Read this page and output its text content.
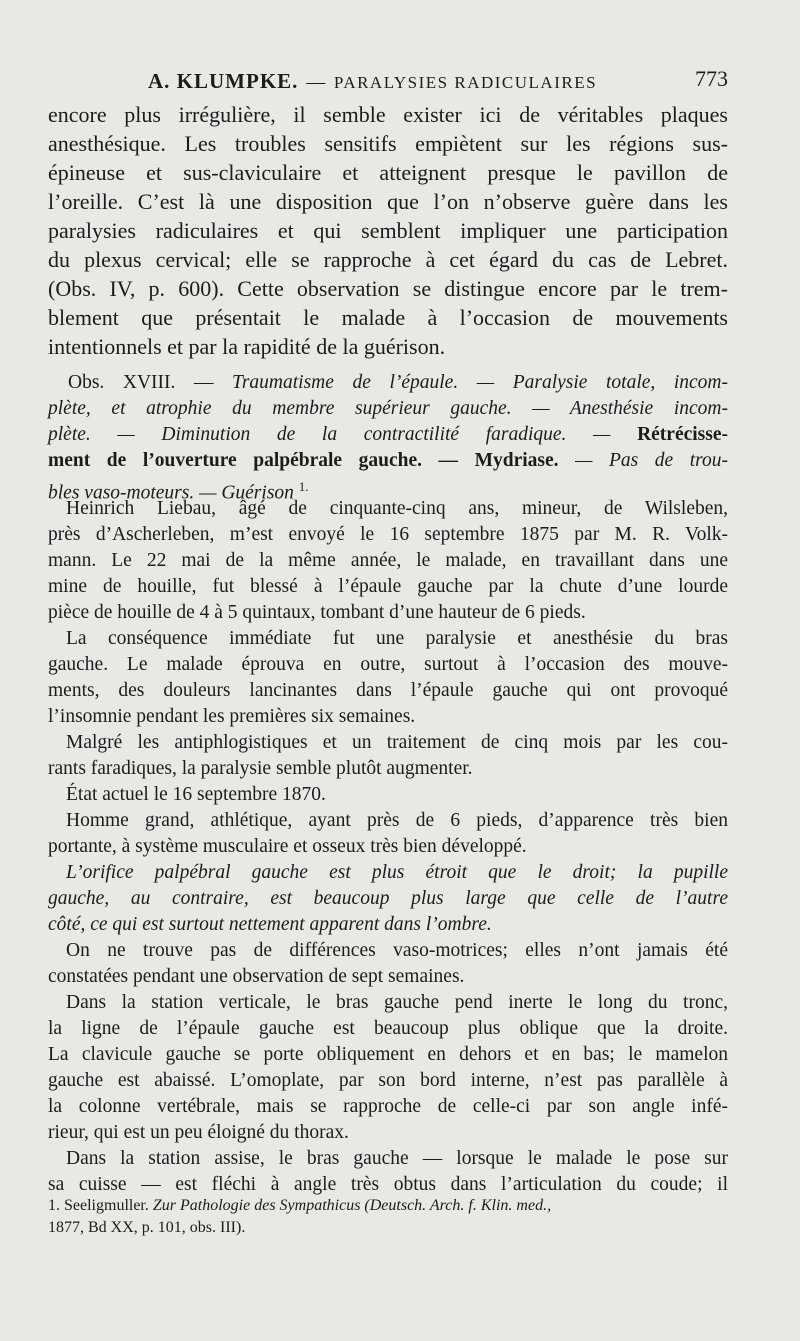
A. KLUMPKE. — PARALYSIES RADICULAIRES	773
encore plus irrégulière, il semble exister ici de véritables plaques
anesthésique. Les troubles sensitifs empiètent sur les régions sus-
épineuse et sus-claviculaire et atteignent presque le pavillon de
l’oreille. C’est là une disposition que l’on n’observe guère dans les
paralysies radiculaires et qui semblent impliquer une participation
du plexus cervical; elle se rapproche à cet égard du cas de Lebret.
(Obs. IV, p. 600). Cette observation se distingue encore par le trem-
blement que présentait le malade à l’occasion de mouvements
intentionnels et par la rapidité de la guérison.
Obs. XVIII. — Traumatisme de l’épaule. — Paralysie totale, incom-
plète, et atrophie du membre supérieur gauche. — Anesthésie incom-
plète. — Diminution de la contractilité faradique. — Rétrécisse-
ment de l’ouverture palpébrale gauche. — Mydriase. — Pas de trou-
bles vaso-moteurs. — Guérison $^{1.}$
Heinrich Liebau, âgé de cinquante-cinq ans, mineur, de Wilsleben,
près d’Ascherleben, m’est envoyé le 16 septembre 1875 par M. R. Volk-
mann. Le 22 mai de la même année, le malade, en travaillant dans une
mine de houille, fut blessé à l’épaule gauche par la chute d’une lourde
pièce de houille de 4 à 5 quintaux, tombant d’une hauteur de 6 pieds.
La conséquence immédiate fut une paralysie et anesthésie du bras
gauche. Le malade éprouva en outre, surtout à l’occasion des mouve-
ments, des douleurs lancinantes dans l’épaule gauche qui ont provoqué
l’insomnie pendant les premières six semaines.
Malgré les antiphlogistiques et un traitement de cinq mois par les cou-
rants faradiques, la paralysie semble plutôt augmenter.
État actuel le 16 septembre 1870.
Homme grand, athlétique, ayant près de 6 pieds, d’apparence très bien
portante, à système musculaire et osseux très bien développé.
L’orifice palpébral gauche est plus étroit que le droit; la pupille
gauche, au contraire, est beaucoup plus large que celle de l’autre
côté, ce qui est surtout nettement apparent dans l’ombre.
On ne trouve pas de différences vaso-motrices; elles n’ont jamais été
constatées pendant une observation de sept semaines.
Dans la station verticale, le bras gauche pend inerte le long du tronc,
la ligne de l’épaule gauche est beaucoup plus oblique que la droite.
La clavicule gauche se porte obliquement en dehors et en bas; le mamelon
gauche est abaissé. L’omoplate, par son bord interne, n’est pas parallèle à
la colonne vertébrale, mais se rapproche de celle-ci par son angle infé-
rieur, qui est un peu éloigné du thorax.
Dans la station assise, le bras gauche — lorsque le malade le pose sur
sa cuisse — est fléchi à angle très obtus dans l’articulation du coude; il
1. Seeligmuller. Zur Pathologie des Sympathicus (Deutsch. Arch. f. Klin. med.,
1877, Bd XX, p. 101, obs. III).
